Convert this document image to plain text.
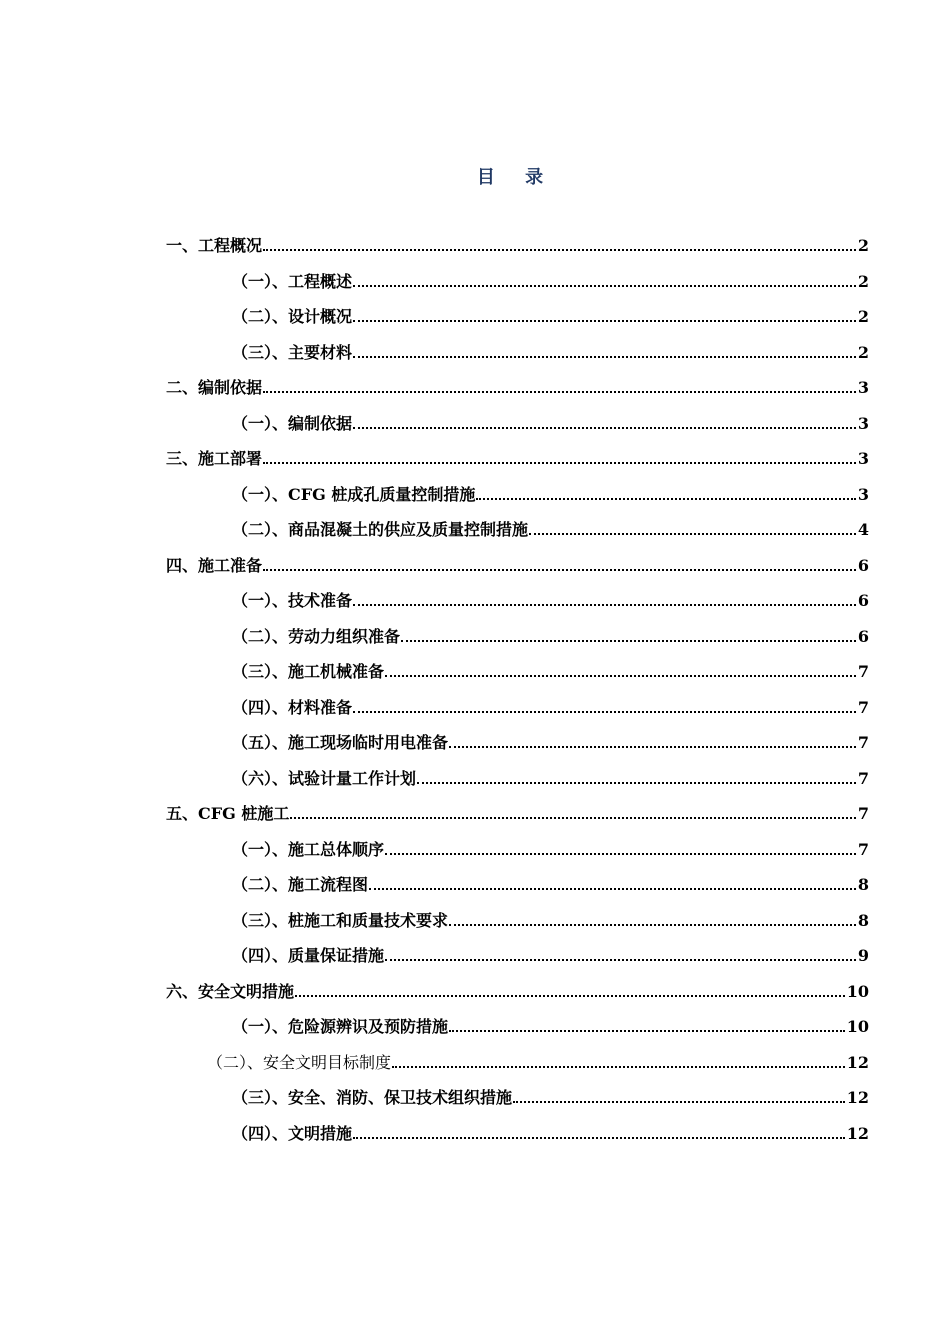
目 录
一、工程概况	2
（一）、工程概述	2
（二）、设计概况	2
（三）、主要材料	2
二、编制依据	3
（一）、编制依据	3
三、施工部署	3
（一）、CFG 桩成孔质量控制措施	3
（二）、商品混凝土的供应及质量控制措施	4
四、施工准备	6
（一）、技术准备	6
（二）、劳动力组织准备	6
（三）、施工机械准备	7
（四）、材料准备	7
（五）、施工现场临时用电准备	7
（六）、试验计量工作计划	7
五、CFG 桩施工	7
（一）、施工总体顺序	7
（二）、施工流程图	8
（三）、桩施工和质量技术要求	8
（四）、质量保证措施	9
六、安全文明措施	10
（一）、危险源辨识及预防措施	10
（二）、安全文明目标制度	12
（三）、安全、消防、保卫技术组织措施	12
（四）、文明措施	12
